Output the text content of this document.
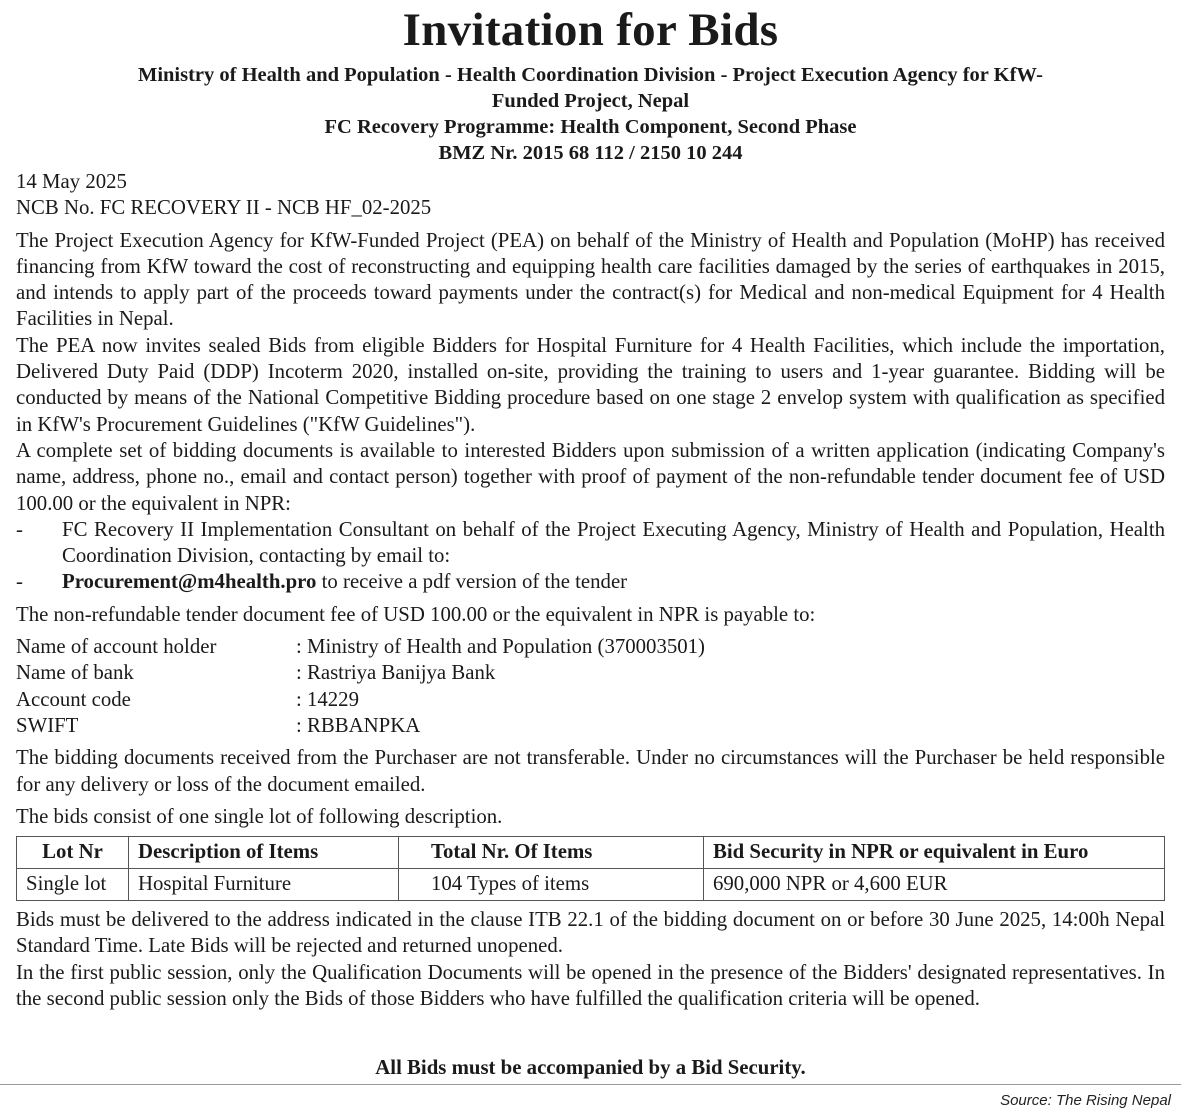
Invitation for Bids
Ministry of Health and Population - Health Coordination Division - Project Execution Agency for KfW-
Funded Project, Nepal
FC Recovery Programme: Health Component, Second Phase
BMZ Nr. 2015 68 112 / 2150 10 244

14 May 2025

NCB No. FC RECOVERY II - NCB HF_02-2025

The Project Execution Agency for KfW-Funded Project (PEA) on behalf of the Ministry of Health and Population (MoHP) has received financing from KfW toward the cost of reconstructing and equipping health care facilities damaged by the series of earthquakes in 2015, and intends to apply part of the proceeds toward payments under the contract(s) for Medical and non-medical Equipment for 4 Health Facilities in Nepal.

The PEA now invites sealed Bids from eligible Bidders for Hospital Furniture for 4 Health Facilities, which include the importation, Delivered Duty Paid (DDP) Incoterm 2020, installed on-site, providing the training to users and 1-year guarantee. Bidding will be conducted by means of the National Competitive Bidding procedure based on one stage 2 envelop system with qualification as specified in KfW's Procurement Guidelines ("KfW Guidelines").

A complete set of bidding documents is available to interested Bidders upon submission of a written application (indicating Company's name, address, phone no., email and contact person) together with proof of payment of the non-refundable tender document fee of USD 100.00 or the equivalent in NPR:

-	FC Recovery II Implementation Consultant on behalf of the Project Executing Agency, Ministry of Health and Population, Health Coordination Division, contacting by email to:
-	Procurement@m4health.pro to receive a pdf version of the tender

The non-refundable tender document fee of USD 100.00 or the equivalent in NPR is payable to:

Name of account holder	: Ministry of Health and Population (370003501)
Name of bank	: Rastriya Banijya Bank
Account code	: 14229
SWIFT	: RBBANPKA

The bidding documents received from the Purchaser are not transferable. Under no circumstances will the Purchaser be held responsible for any delivery or loss of the document emailed.

The bids consist of one single lot of following description.

Lot Nr	Description of Items	Total Nr. Of Items	Bid Security in NPR or equivalent in Euro
Single lot	Hospital Furniture	104 Types of items	690,000 NPR or 4,600 EUR

Bids must be delivered to the address indicated in the clause ITB 22.1 of the bidding document on or before 30 June 2025, 14:00h Nepal Standard Time. Late Bids will be rejected and returned unopened.

In the first public session, only the Qualification Documents will be opened in the presence of the Bidders' designated representatives. In the second public session only the Bids of those Bidders who have fulfilled the qualification criteria will be opened.

All Bids must be accompanied by a Bid Security.
Source: The Rising Nepal
